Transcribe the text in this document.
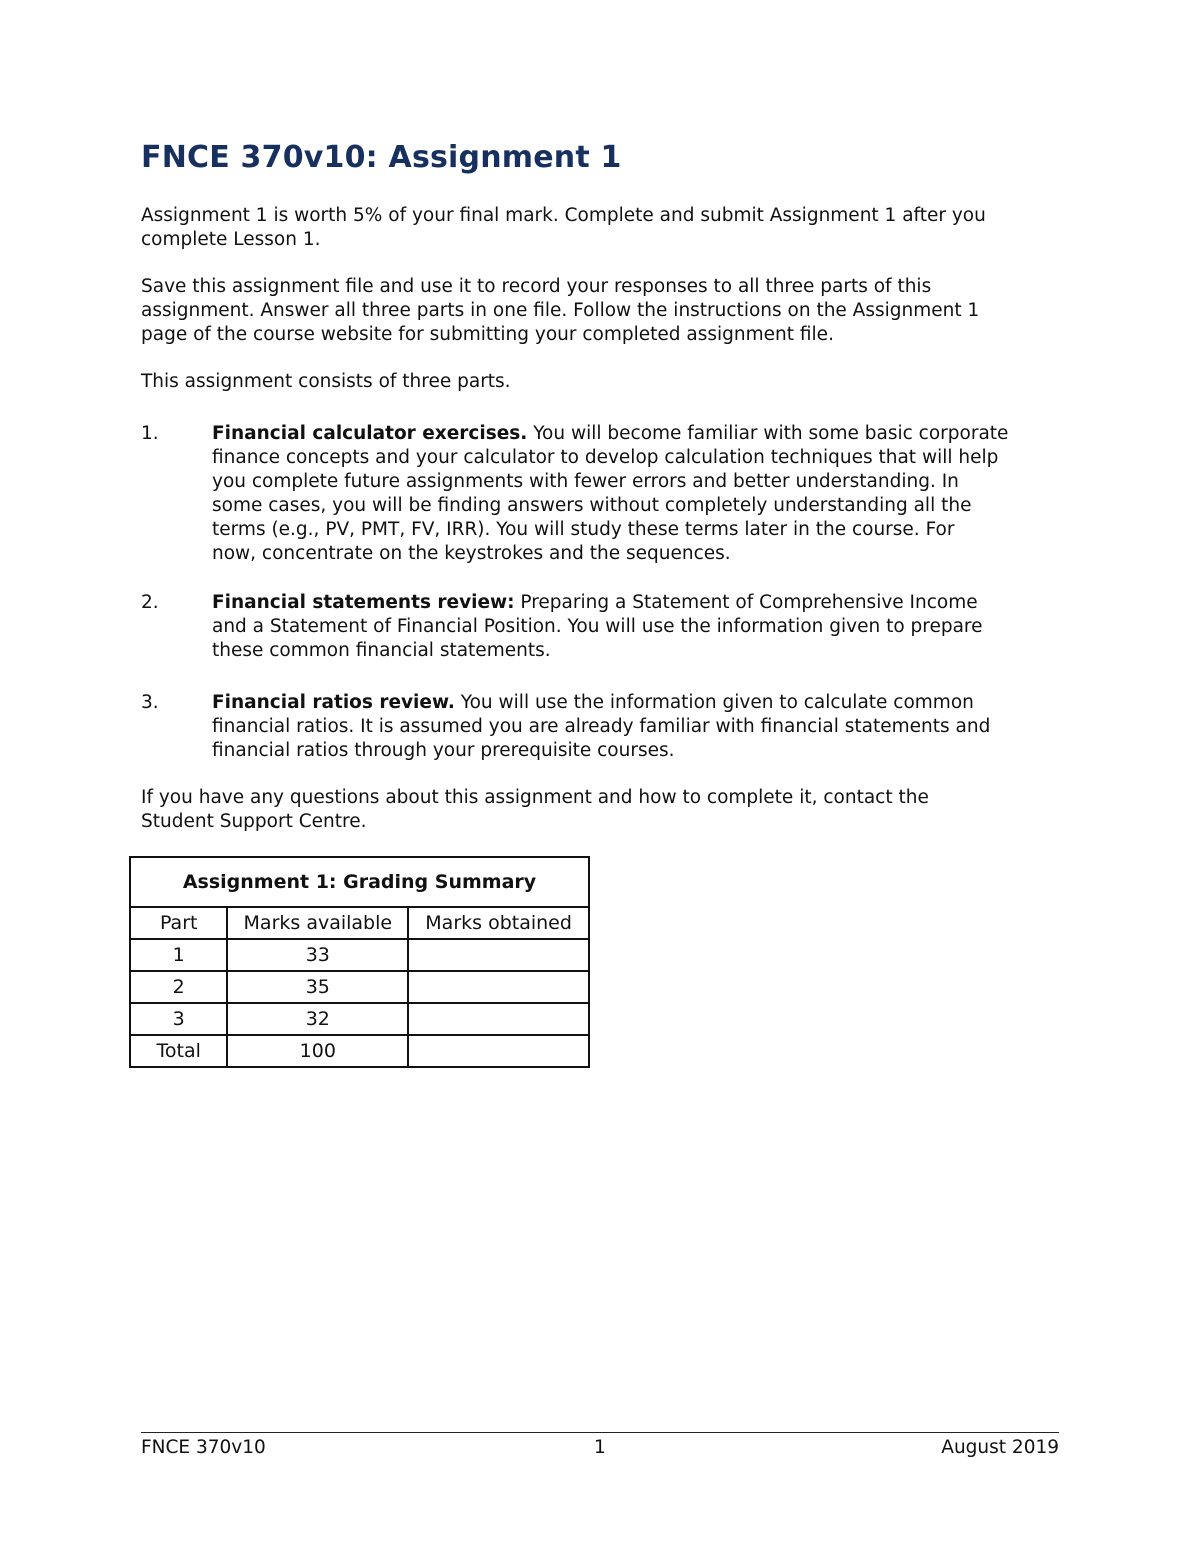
FNCE 370v10: Assignment 1
Assignment 1 is worth 5% of your final mark. Complete and submit Assignment 1 after you
complete Lesson 1.
Save this assignment file and use it to record your responses to all three parts of this
assignment. Answer all three parts in one file. Follow the instructions on the Assignment 1
page of the course website for submitting your completed assignment file.
This assignment consists of three parts.
1.	Financial calculator exercises. You will become familiar with some basic corporate
finance concepts and your calculator to develop calculation techniques that will help
you complete future assignments with fewer errors and better understanding. In
some cases, you will be finding answers without completely understanding all the
terms (e.g., PV, PMT, FV, IRR). You will study these terms later in the course. For
now, concentrate on the keystrokes and the sequences.
2.	Financial statements review: Preparing a Statement of Comprehensive Income
and a Statement of Financial Position. You will use the information given to prepare
these common financial statements.
3.	Financial ratios review. You will use the information given to calculate common
financial ratios. It is assumed you are already familiar with financial statements and
financial ratios through your prerequisite courses.
If you have any questions about this assignment and how to complete it, contact the
Student Support Centre.
Assignment 1: Grading Summary		
Part	Marks available	Marks obtained
1	33	
2	35	
3	32	
Total	100	
FNCE 370v10	1	August 2019
